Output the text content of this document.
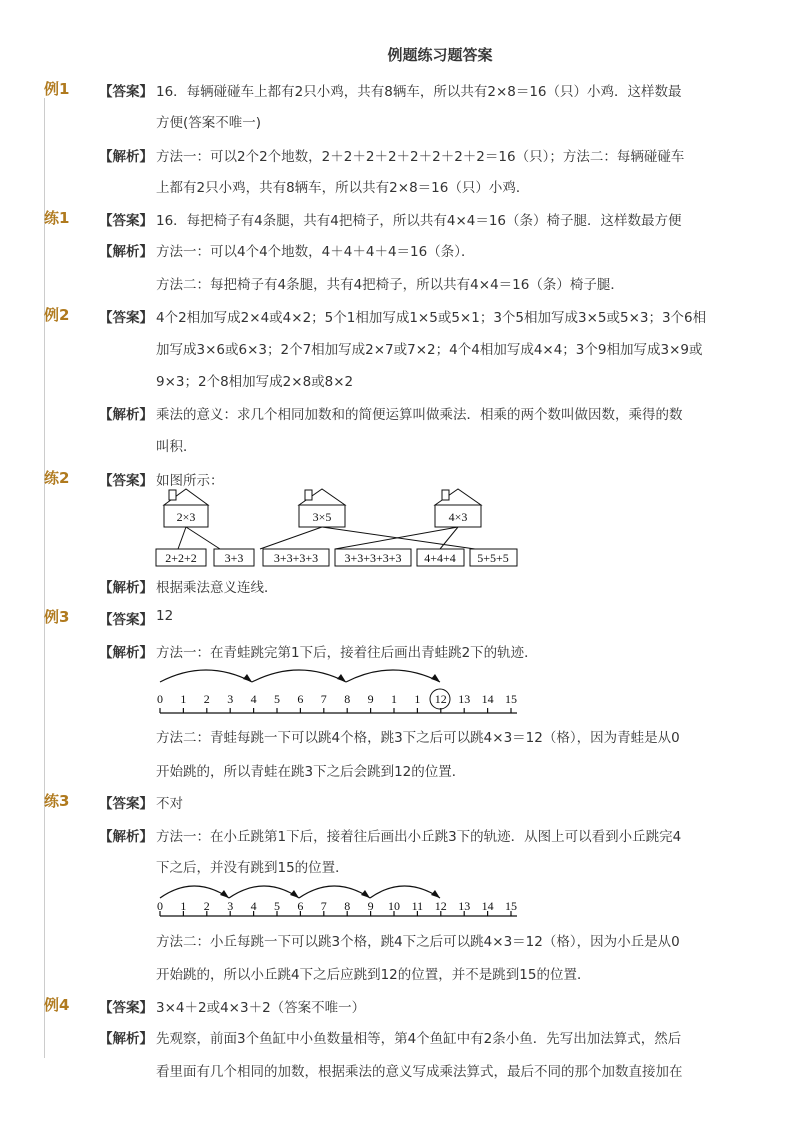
例题练习题答案
例1 【答案】 16．每辆碰碰车上都有2只小鸡，共有8辆车，所以共有2×8＝16（只）小鸡．这样数最
方便(答案不唯一)
【解析】 方法一：可以2个2个地数，2＋2＋2＋2＋2＋2＋2＋2＝16（只）；方法二：每辆碰碰车
上都有2只小鸡，共有8辆车，所以共有2×8＝16（只）小鸡．
练1 【答案】 16．每把椅子有4条腿，共有4把椅子，所以共有4×4＝16（条）椅子腿．这样数最方便
【解析】 方法一：可以4个4个地数，4＋4＋4＋4＝16（条）．
方法二：每把椅子有4条腿，共有4把椅子，所以共有4×4＝16（条）椅子腿．
例2 【答案】 4个2相加写成2×4或4×2；5个1相加写成1×5或5×1；3个5相加写成3×5或5×3；3个6相
加写成3×6或6×3；2个7相加写成2×7或7×2；4个4相加写成4×4；3个9相加写成3×9或
9×3；2个8相加写成2×8或8×2
【解析】 乘法的意义：求几个相同加数和的简便运算叫做乘法．相乘的两个数叫做因数，乘得的数
叫积．
练2 【答案】 如图所示：
2×3	3×5	4×3
2+2+2 3+3	3+3+3+3 3+3+3+3+3 4+4+4 5+5+5
【解析】 根据乘法意义连线．
例3 【答案】 12
【解析】 方法一：在青蛙跳完第1下后，接着往后画出青蛙跳2下的轨迹．
0 1 2 3 4 5 6 7 8 9 1 1 12 13 14 15
方法二：青蛙每跳一下可以跳4个格，跳3下之后可以跳4×3＝12（格），因为青蛙是从0
开始跳的，所以青蛙在跳3下之后会跳到12的位置．
练3 【答案】 不对
【解析】 方法一：在小丘跳第1下后，接着往后画出小丘跳3下的轨迹．从图上可以看到小丘跳完4
下之后，并没有跳到15的位置．
0 1 2 3 4 5 6 7 8 9 10 11 12 13 14 15
方法二：小丘每跳一下可以跳3个格，跳4下之后可以跳4×3＝12（格），因为小丘是从0
开始跳的，所以小丘跳4下之后应跳到12的位置，并不是跳到15的位置．
例4 【答案】 3×4＋2或4×3＋2（答案不唯一）
【解析】 先观察，前面3个鱼缸中小鱼数量相等，第4个鱼缸中有2条小鱼．先写出加法算式，然后
看里面有几个相同的加数，根据乘法的意义写成乘法算式，最后不同的那个加数直接加在
